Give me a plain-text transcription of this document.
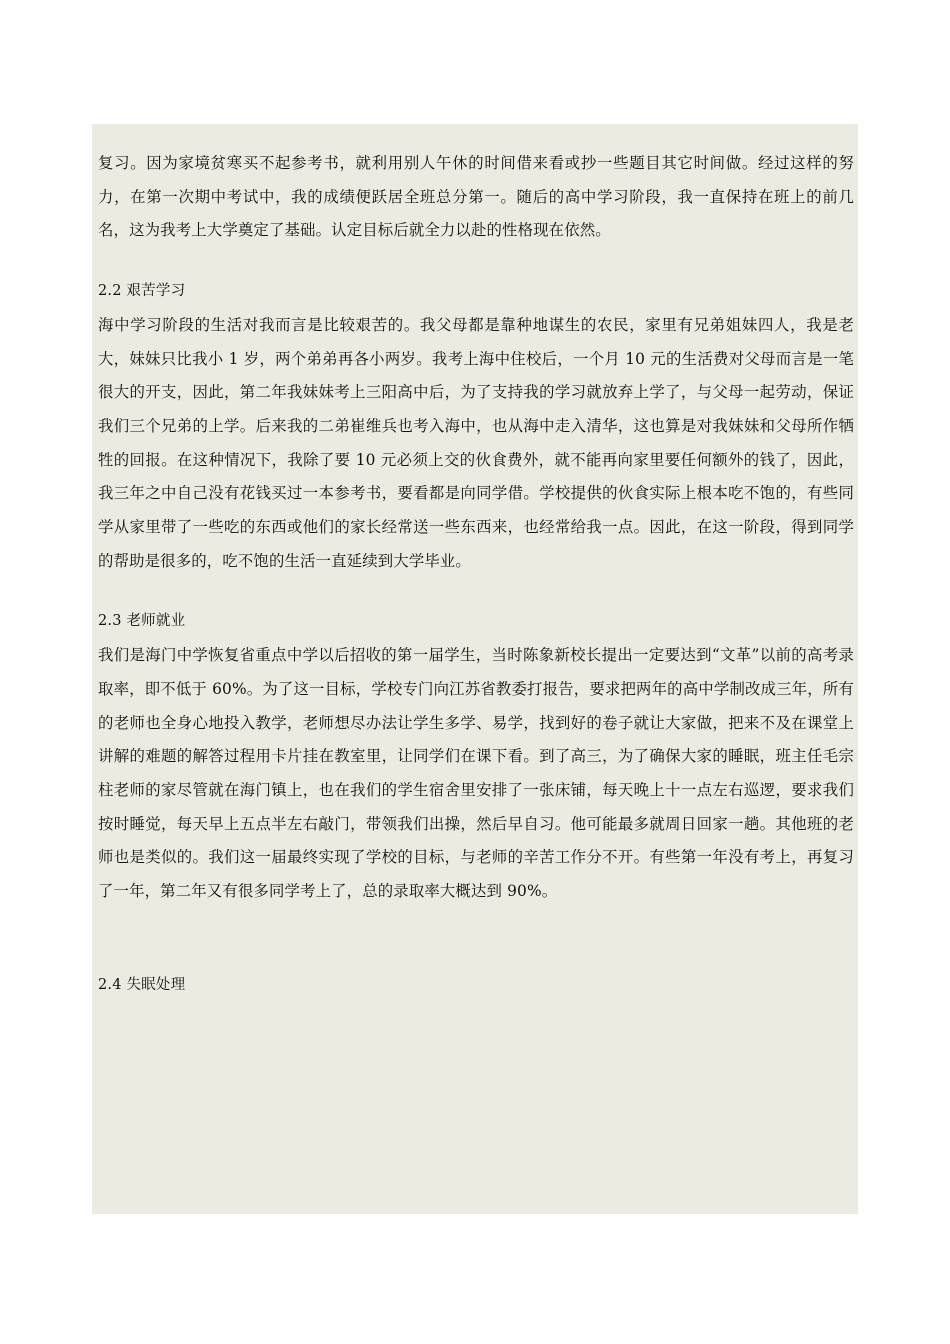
复习。因为家境贫寒买不起参考书，就利用别人午休的时间借来看或抄一些题目其它时间做。经过这样的努力，在第一次期中考试中，我的成绩便跃居全班总分第一。随后的高中学习阶段，我一直保持在班上的前几名，这为我考上大学奠定了基础。认定目标后就全力以赴的性格现在依然。

2.2 艰苦学习

海中学习阶段的生活对我而言是比较艰苦的。我父母都是靠种地谋生的农民，家里有兄弟姐妹四人，我是老大，妹妹只比我小 1 岁，两个弟弟再各小两岁。我考上海中住校后，一个月 10 元的生活费对父母而言是一笔很大的开支，因此，第二年我妹妹考上三阳高中后，为了支持我的学习就放弃上学了，与父母一起劳动，保证我们三个兄弟的上学。后来我的二弟崔维兵也考入海中，也从海中走入清华，这也算是对我妹妹和父母所作牺牲的回报。在这种情况下，我除了要 10 元必须上交的伙食费外，就不能再向家里要任何额外的钱了，因此，我三年之中自己没有花钱买过一本参考书，要看都是向同学借。学校提供的伙食实际上根本吃不饱的，有些同学从家里带了一些吃的东西或他们的家长经常送一些东西来，也经常给我一点。因此，在这一阶段，得到同学的帮助是很多的，吃不饱的生活一直延续到大学毕业。

2.3 老师就业

我们是海门中学恢复省重点中学以后招收的第一届学生，当时陈象新校长提出一定要达到“文革”以前的高考录取率，即不低于 60%。为了这一目标，学校专门向江苏省教委打报告，要求把两年的高中学制改成三年，所有的老师也全身心地投入教学，老师想尽办法让学生多学、易学，找到好的卷子就让大家做，把来不及在课堂上讲解的难题的解答过程用卡片挂在教室里，让同学们在课下看。到了高三，为了确保大家的睡眠，班主任毛宗柱老师的家尽管就在海门镇上，也在我们的学生宿舍里安排了一张床铺，每天晚上十一点左右巡逻，要求我们按时睡觉，每天早上五点半左右敲门，带领我们出操，然后早自习。他可能最多就周日回家一趟。其他班的老师也是类似的。我们这一届最终实现了学校的目标，与老师的辛苦工作分不开。有些第一年没有考上，再复习了一年，第二年又有很多同学考上了，总的录取率大概达到 90%。

2.4 失眠处理
